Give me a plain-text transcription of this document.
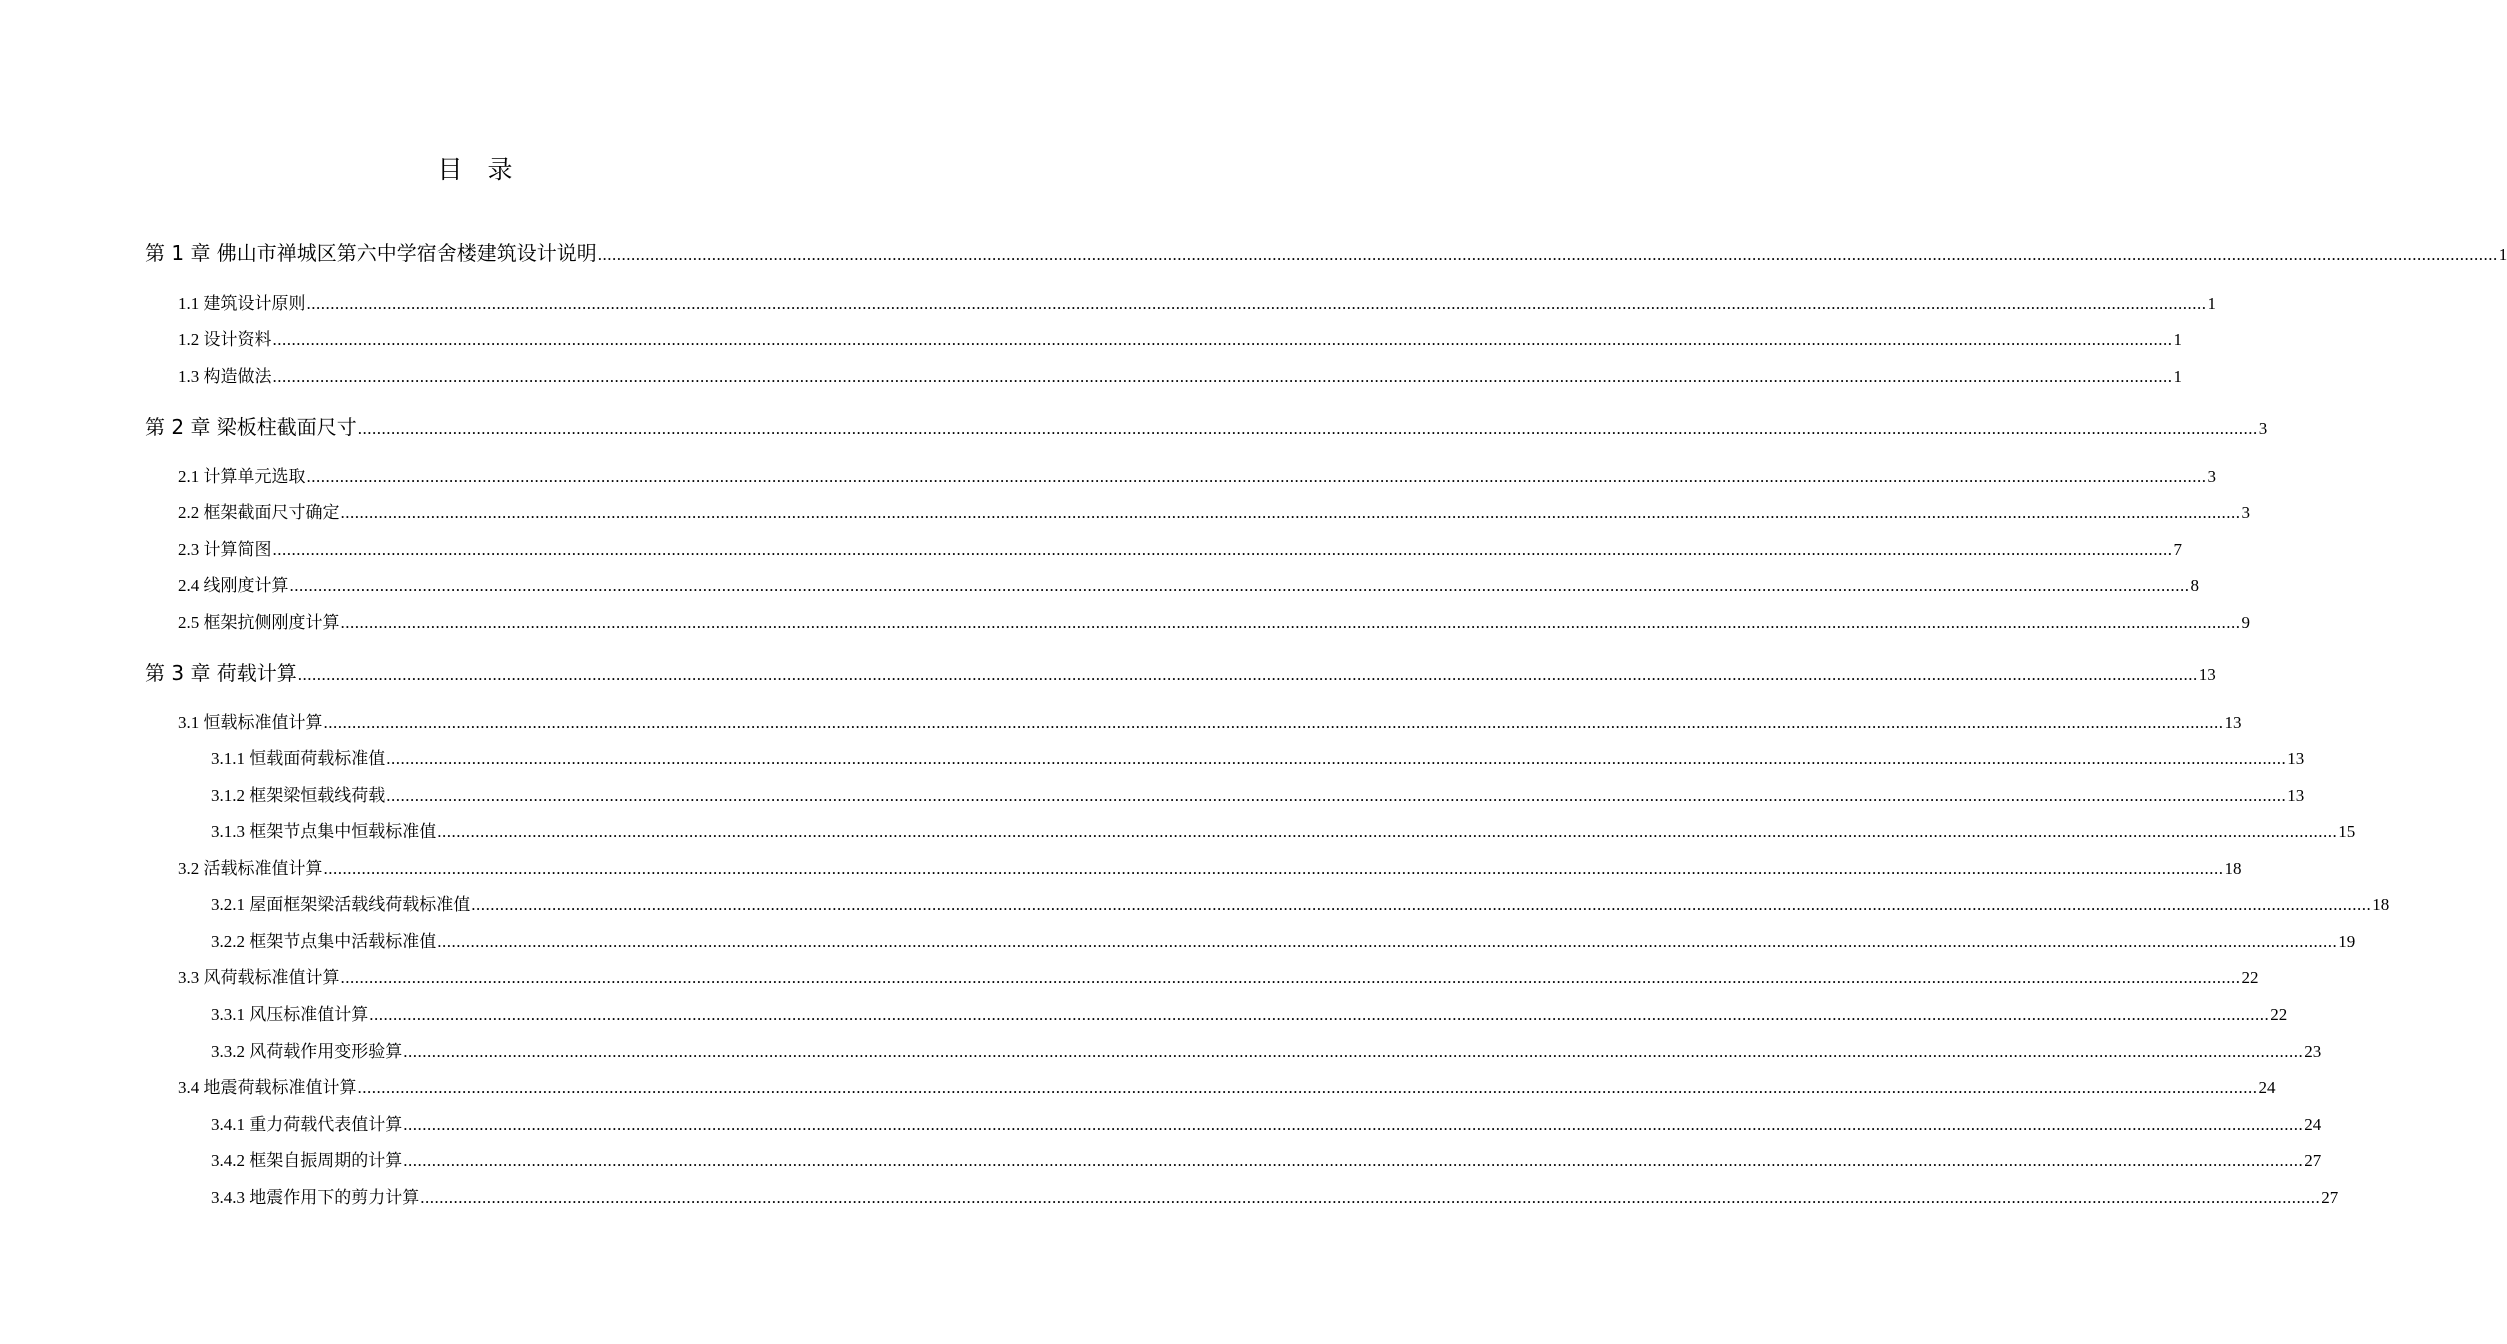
目　录
第 1 章 佛山市禅城区第六中学宿舍楼建筑设计说明 ................................................................................................................................................................................................................................................................................................................................................................................................................ 1
1.1 建筑设计原则 ................................................................................................................................................................................................................................................................................................................................................................................................................ 1
1.2 设计资料 ................................................................................................................................................................................................................................................................................................................................................................................................................ 1
1.3 构造做法 ................................................................................................................................................................................................................................................................................................................................................................................................................ 1
第 2 章 梁板柱截面尺寸 ................................................................................................................................................................................................................................................................................................................................................................................................................ 3
2.1 计算单元选取 ................................................................................................................................................................................................................................................................................................................................................................................................................ 3
2.2 框架截面尺寸确定 ................................................................................................................................................................................................................................................................................................................................................................................................................ 3
2.3 计算简图 ................................................................................................................................................................................................................................................................................................................................................................................................................ 7
2.4 线刚度计算 ................................................................................................................................................................................................................................................................................................................................................................................................................ 8
2.5 框架抗侧刚度计算 ................................................................................................................................................................................................................................................................................................................................................................................................................ 9
第 3 章 荷载计算 ................................................................................................................................................................................................................................................................................................................................................................................................................ 13
3.1 恒载标准值计算 ................................................................................................................................................................................................................................................................................................................................................................................................................ 13
3.1.1 恒载面荷载标准值 ................................................................................................................................................................................................................................................................................................................................................................................................................ 13
3.1.2 框架梁恒载线荷载 ................................................................................................................................................................................................................................................................................................................................................................................................................ 13
3.1.3 框架节点集中恒载标准值 ................................................................................................................................................................................................................................................................................................................................................................................................................ 15
3.2 活载标准值计算 ................................................................................................................................................................................................................................................................................................................................................................................................................ 18
3.2.1 屋面框架梁活载线荷载标准值 ................................................................................................................................................................................................................................................................................................................................................................................................................ 18
3.2.2 框架节点集中活载标准值 ................................................................................................................................................................................................................................................................................................................................................................................................................ 19
3.3 风荷载标准值计算 ................................................................................................................................................................................................................................................................................................................................................................................................................ 22
3.3.1 风压标准值计算 ................................................................................................................................................................................................................................................................................................................................................................................................................ 22
3.3.2 风荷载作用变形验算 ................................................................................................................................................................................................................................................................................................................................................................................................................ 23
3.4 地震荷载标准值计算 ................................................................................................................................................................................................................................................................................................................................................................................................................ 24
3.4.1 重力荷载代表值计算 ................................................................................................................................................................................................................................................................................................................................................................................................................ 24
3.4.2 框架自振周期的计算 ................................................................................................................................................................................................................................................................................................................................................................................................................ 27
3.4.3 地震作用下的剪力计算 ................................................................................................................................................................................................................................................................................................................................................................................................................ 27
